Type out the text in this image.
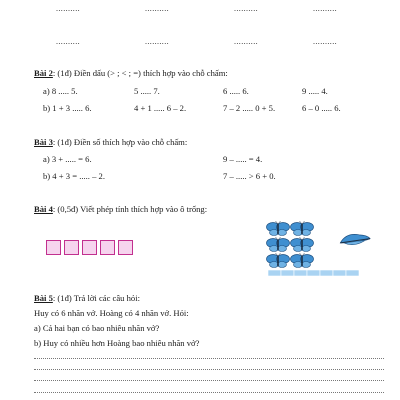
..........	..........	..........	..........
..........	..........	..........	..........
Bài 2: (1đ) Điền dấu (> ; < ; =) thích hợp vào chỗ chấm:
a) 8 ..... 5.	5 ..... 7.	6 ..... 6.	9 ..... 4.
b) 1 + 3 ..... 6.	4 + 1 ..... 6 – 2.	7 – 2 ..... 0 + 5.	6 – 0 ..... 6.
Bài 3: (1đ) Điền số thích hợp vào chỗ chấm:
a) 3 + ..... = 6.	9 – ..... = 4.
b) 4 + 3 = ..... – 2.	7 – ..... > 6 + 0.
Bài 4: (0,5đ) Viết phép tính thích hợp vào ô trống:
Bài 5: (1đ) Trả lời các câu hỏi:
Huy có 6 nhãn vở. Hoàng có 4 nhãn vở. Hỏi:
a) Cả hai bạn có bao nhiêu nhãn vở?
b) Huy có nhiều hơn Hoàng bao nhiêu nhãn vở?
